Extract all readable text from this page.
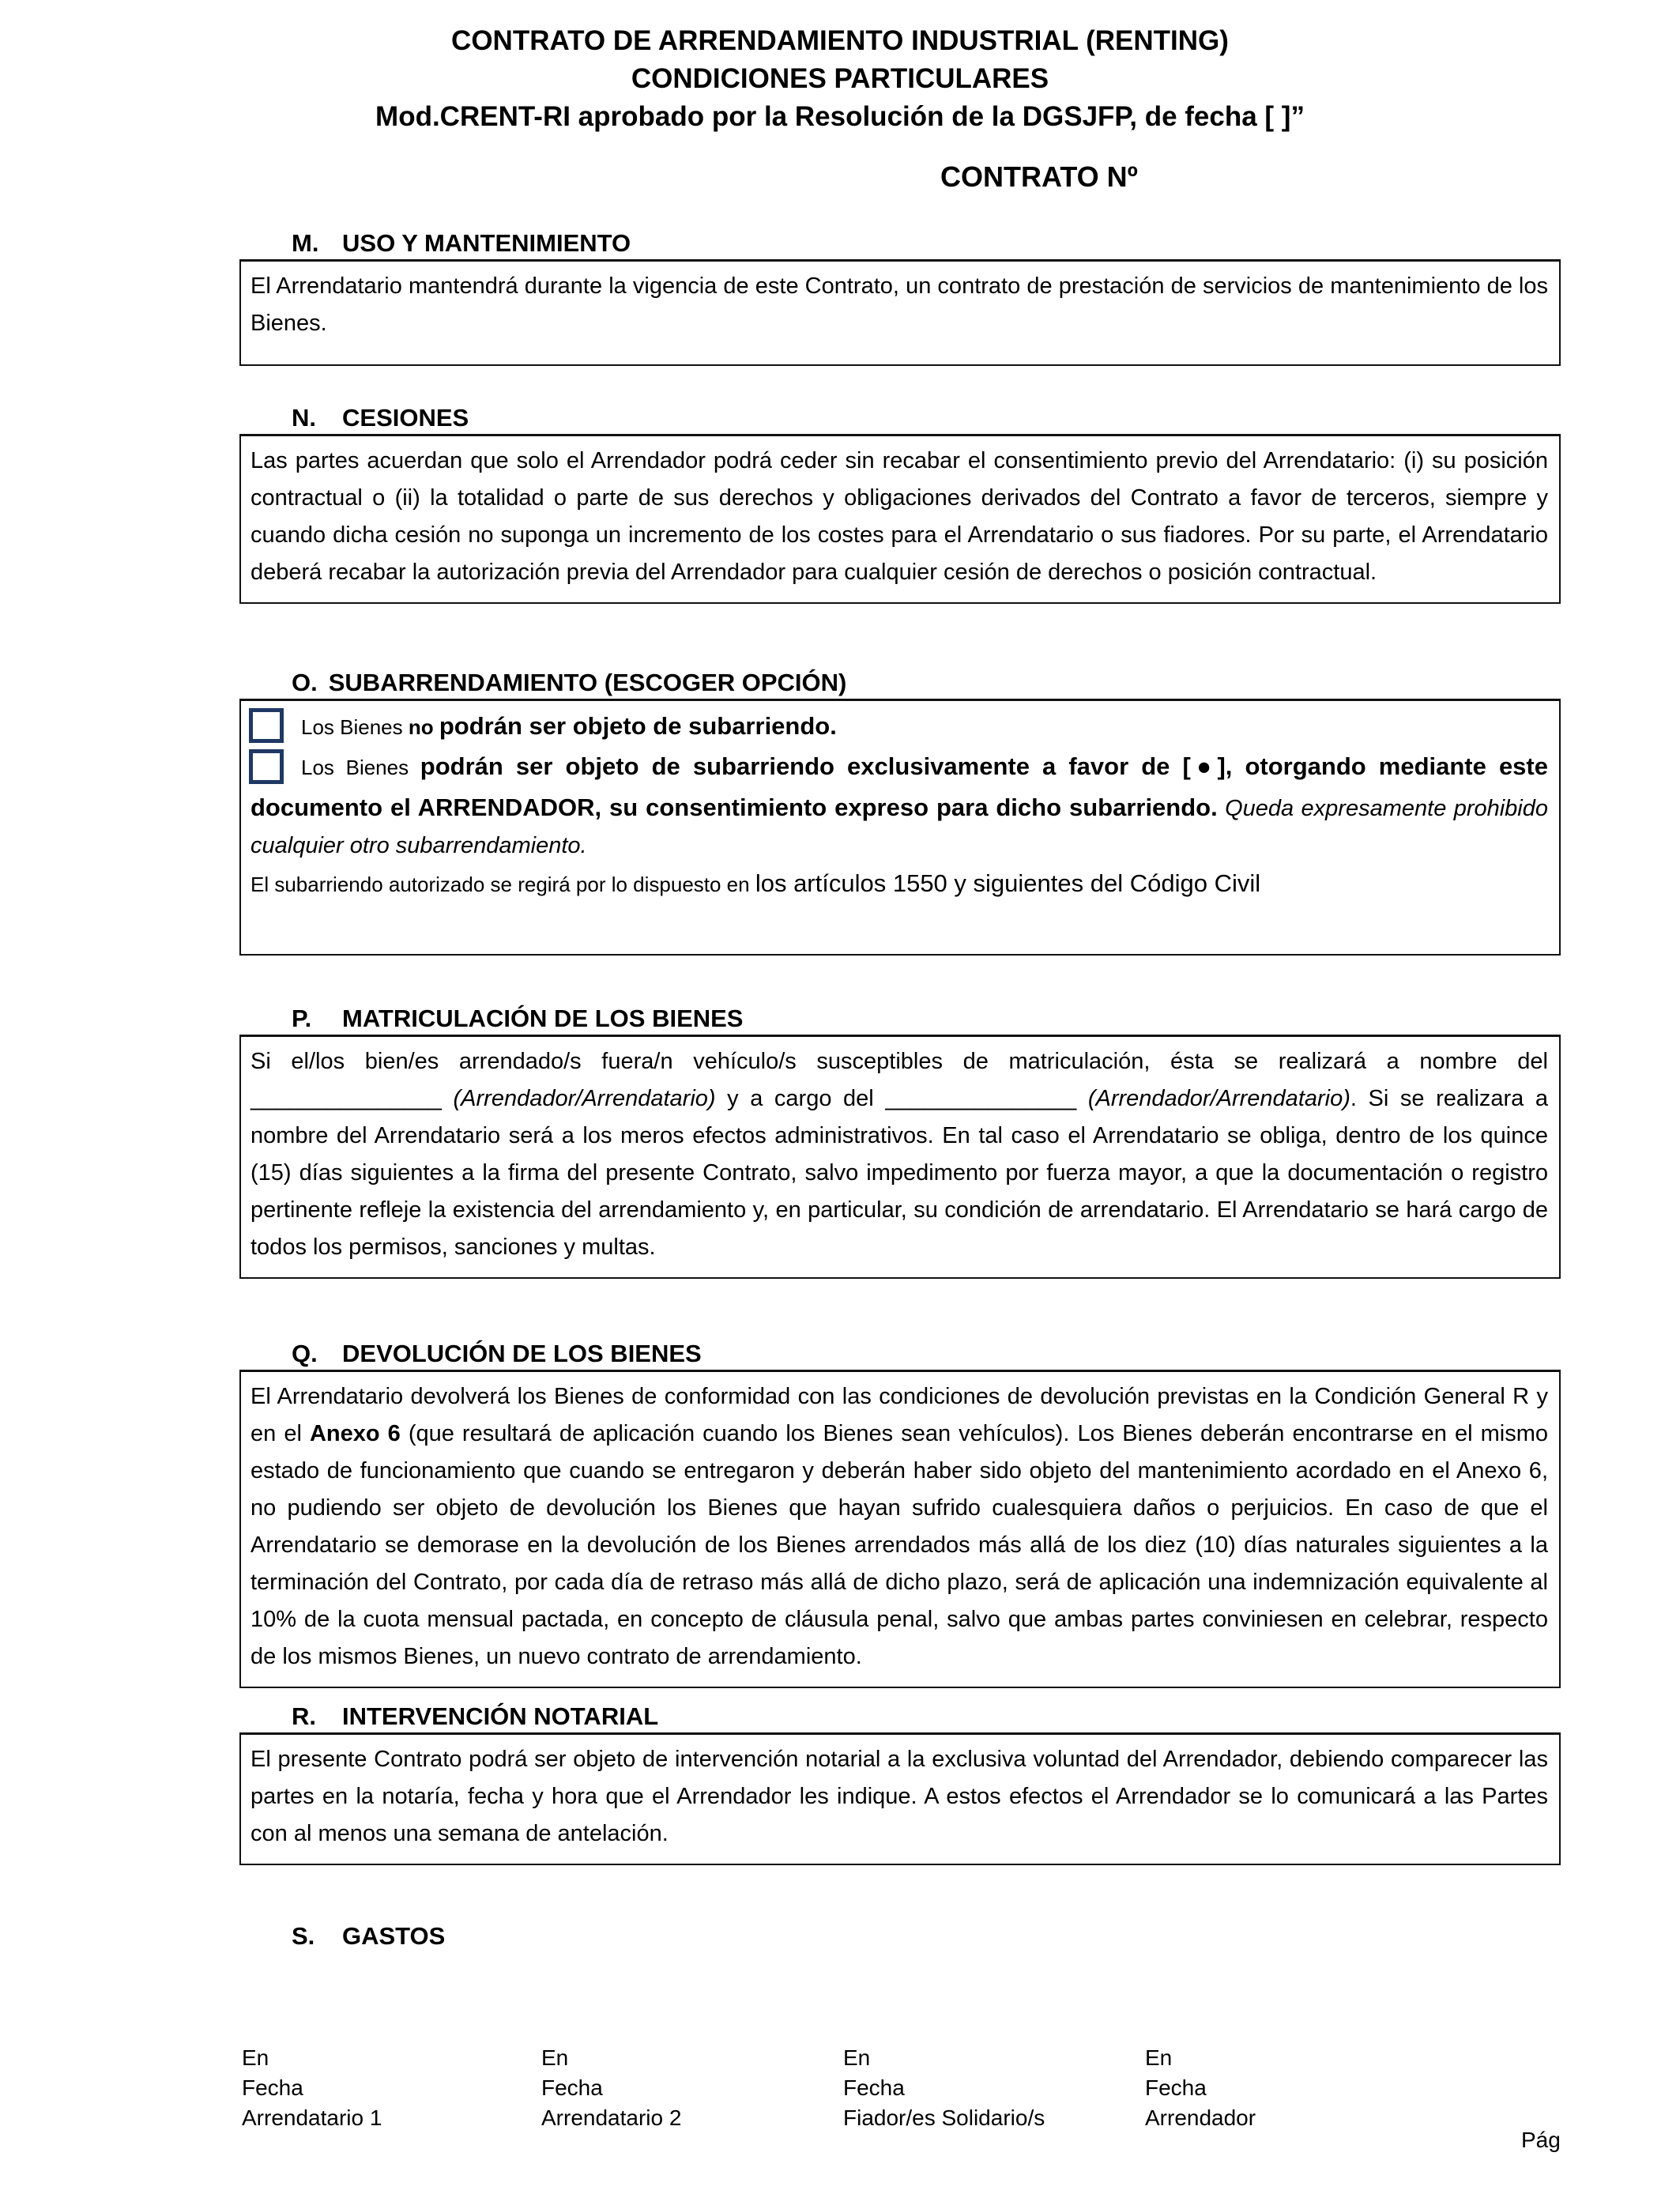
CONTRATO DE ARRENDAMIENTO INDUSTRIAL (RENTING)
CONDICIONES PARTICULARES
Mod.CRENT-RI aprobado por la Resolución de la DGSJFP, de fecha [ ]”
CONTRATO Nº
M. USO Y MANTENIMIENTO

El Arrendatario mantendrá durante la vigencia de este Contrato, un contrato de prestación de servicios de mantenimiento de los Bienes.

N. CESIONES

Las partes acuerdan que solo el Arrendador podrá ceder sin recabar el consentimiento previo del Arrendatario: (i) su posición contractual o (ii) la totalidad o parte de sus derechos y obligaciones derivados del Contrato a favor de terceros, siempre y cuando dicha cesión no suponga un incremento de los costes para el Arrendatario o sus fiadores. Por su parte, el Arrendatario deberá recabar la autorización previa del Arrendador para cualquier cesión de derechos o posición contractual.

O. SUBARRENDAMIENTO (ESCOGER OPCIÓN)

Los Bienes no podrán ser objeto de subarriendo.

Los Bienes podrán ser objeto de subarriendo exclusivamente a favor de [●], otorgando mediante este documento el ARRENDADOR, su consentimiento expreso para dicho subarriendo. Queda expresamente prohibido cualquier otro subarrendamiento.

El subarriendo autorizado se regirá por lo dispuesto en los artículos 1550 y siguientes del Código Civil

P. MATRICULACIÓN DE LOS BIENES

Si el/los bien/es arrendado/s fuera/n vehículo/s susceptibles de matriculación, ésta se realizará a nombre del _______________ (Arrendador/Arrendatario) y a cargo del _______________ (Arrendador/Arrendatario). Si se realizara a nombre del Arrendatario será a los meros efectos administrativos. En tal caso el Arrendatario se obliga, dentro de los quince (15) días siguientes a la firma del presente Contrato, salvo impedimento por fuerza mayor, a que la documentación o registro pertinente refleje la existencia del arrendamiento y, en particular, su condición de arrendatario. El Arrendatario se hará cargo de todos los permisos, sanciones y multas.

Q. DEVOLUCIÓN DE LOS BIENES

El Arrendatario devolverá los Bienes de conformidad con las condiciones de devolución previstas en la Condición General R y en el Anexo 6 (que resultará de aplicación cuando los Bienes sean vehículos). Los Bienes deberán encontrarse en el mismo estado de funcionamiento que cuando se entregaron y deberán haber sido objeto del mantenimiento acordado en el Anexo 6, no pudiendo ser objeto de devolución los Bienes que hayan sufrido cualesquiera daños o perjuicios. En caso de que el Arrendatario se demorase en la devolución de los Bienes arrendados más allá de los diez (10) días naturales siguientes a la terminación del Contrato, por cada día de retraso más allá de dicho plazo, será de aplicación una indemnización equivalente al 10% de la cuota mensual pactada, en concepto de cláusula penal, salvo que ambas partes conviniesen en celebrar, respecto de los mismos Bienes, un nuevo contrato de arrendamiento.

R. INTERVENCIÓN NOTARIAL

El presente Contrato podrá ser objeto de intervención notarial a la exclusiva voluntad del Arrendador, debiendo comparecer las partes en la notaría, fecha y hora que el Arrendador les indique. A estos efectos el Arrendador se lo comunicará a las Partes con al menos una semana de antelación.

S. GASTOS
En
Fecha
Arrendatario 1
En
Fecha
Arrendatario 2
En
Fecha
Fiador/es Solidario/s
En
Fecha
Arrendador
Pág
